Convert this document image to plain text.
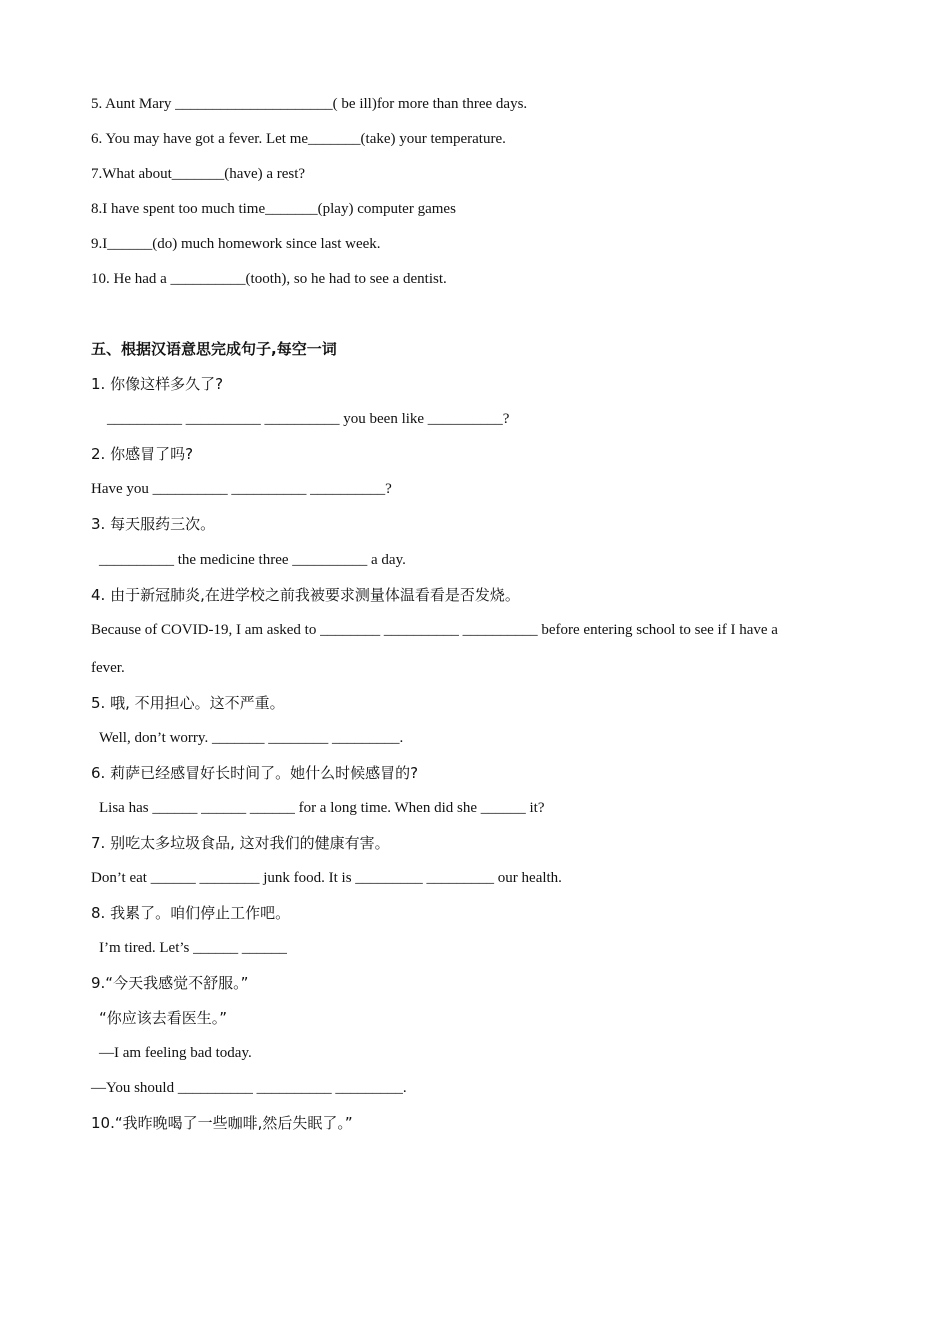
5. Aunt Mary _____________________( be ill)for more than three days.
6. You may have got a fever. Let me_______(take) your temperature.
7.What about_______(have) a rest?
8.I have spent too much time_______(play) computer games
9.I______(do) much homework since last week.
10. He had a __________(tooth), so he had to see a dentist.
五、根据汉语意思完成句子,每空一词
1. 你像这样多久了?
__________ __________ __________ you been like __________?
2. 你感冒了吗?
Have you __________ __________ __________?
3. 每天服药三次。
__________ the medicine three __________ a day.
4. 由于新冠肺炎,在进学校之前我被要求测量体温看看是否发烧。
Because of COVID-19, I am asked to ________ __________ __________ before entering school to see if I have a
fever.
5. 哦, 不用担心。这不严重。
Well, don’t worry. _______ ________ _________.
6. 莉萨已经感冒好长时间了。她什么时候感冒的?
Lisa has ______ ______ ______ for a long time. When did she ______ it?
7. 别吃太多垃圾食品, 这对我们的健康有害。
Don’t eat ______ ________ junk food. It is _________ _________ our health.
8. 我累了。咱们停止工作吧。
I’m tired. Let’s ______ ______
9.“今天我感觉不舒服。”
“你应该去看医生。”
—I am feeling bad today.
—You should __________ __________ _________.
10.“我昨晚喝了一些咖啡,然后失眠了。”
